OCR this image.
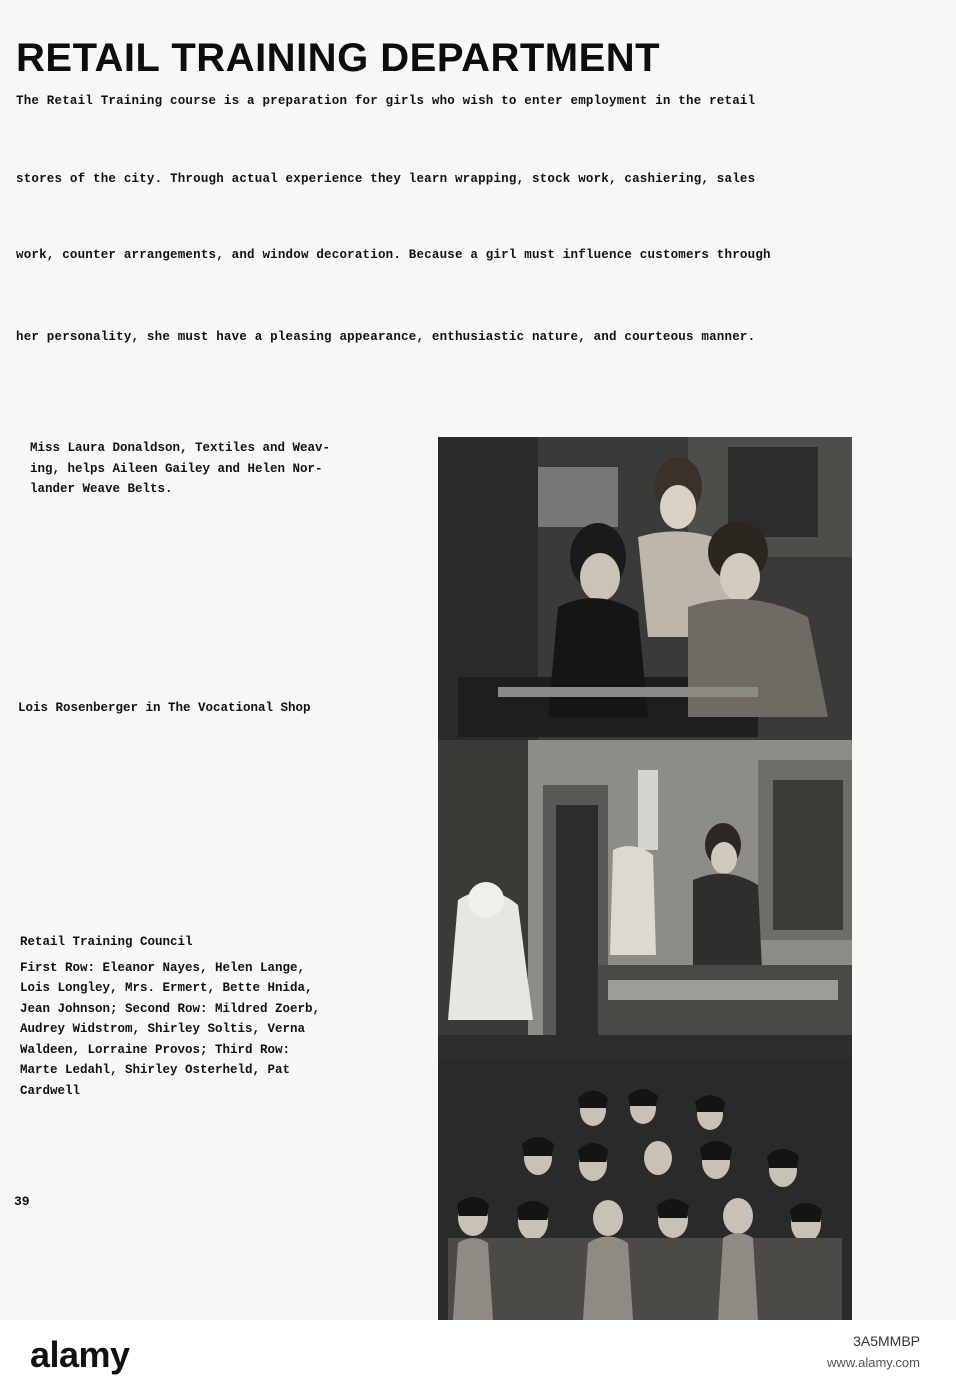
RETAIL TRAINING DEPARTMENT
The Retail Training course is a preparation for girls who wish to enter employment in the retail
stores of the city. Through actual experience they learn wrapping, stock work, cashiering, sales
work, counter arrangements, and window decoration. Because a girl must influence customers through
her personality, she must have a pleasing appearance, enthusiastic nature, and courteous manner.
Miss Laura Donaldson, Textiles and Weav-
ing, helps Aileen Gailey and Helen Nor-
lander Weave Belts.
Lois Rosenberger in The Vocational Shop
Retail Training Council
First Row: Eleanor Nayes, Helen Lange,
Lois Longley, Mrs. Ermert, Bette Hnida,
Jean Johnson; Second Row: Mildred Zoerb,
Audrey Widstrom, Shirley Soltis, Verna
Waldeen, Lorraine Provos; Third Row:
Marte Ledahl, Shirley Osterheld, Pat
Cardwell
39
alamy	3A5MMBP
www.alamy.com
